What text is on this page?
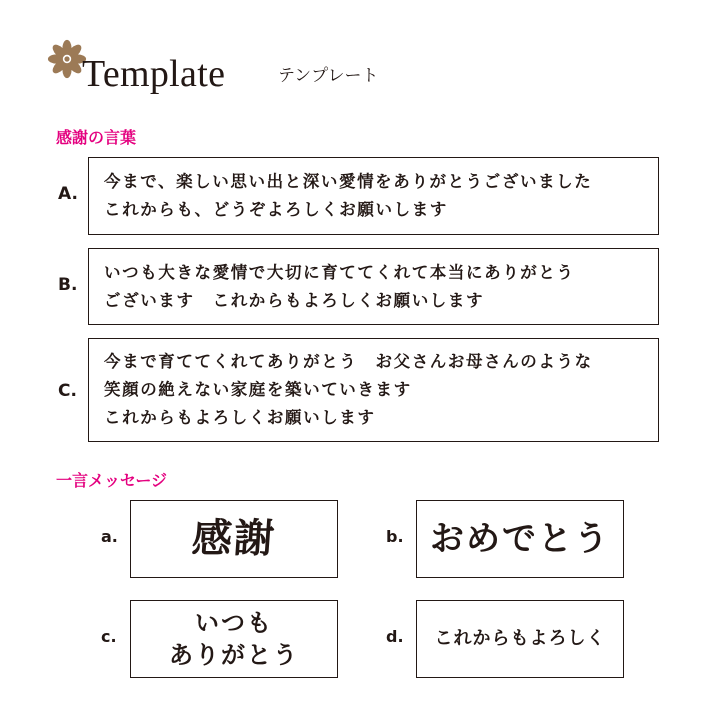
Template	テンプレート
感謝の言葉
A.
今まで、楽しい思い出と深い愛情をありがとうございました
これからも、どうぞよろしくお願いします
B.
いつも大きな愛情で大切に育ててくれて本当にありがとう
ございます　これからもよろしくお願いします
C.
今まで育ててくれてありがとう　お父さんお母さんのような
笑顔の絶えない家庭を築いていきます
これからもよろしくお願いします
一言メッセージ
a. 感謝	b. おめでとう
c.	いつも
ありがとう
d. これからもよろしく
